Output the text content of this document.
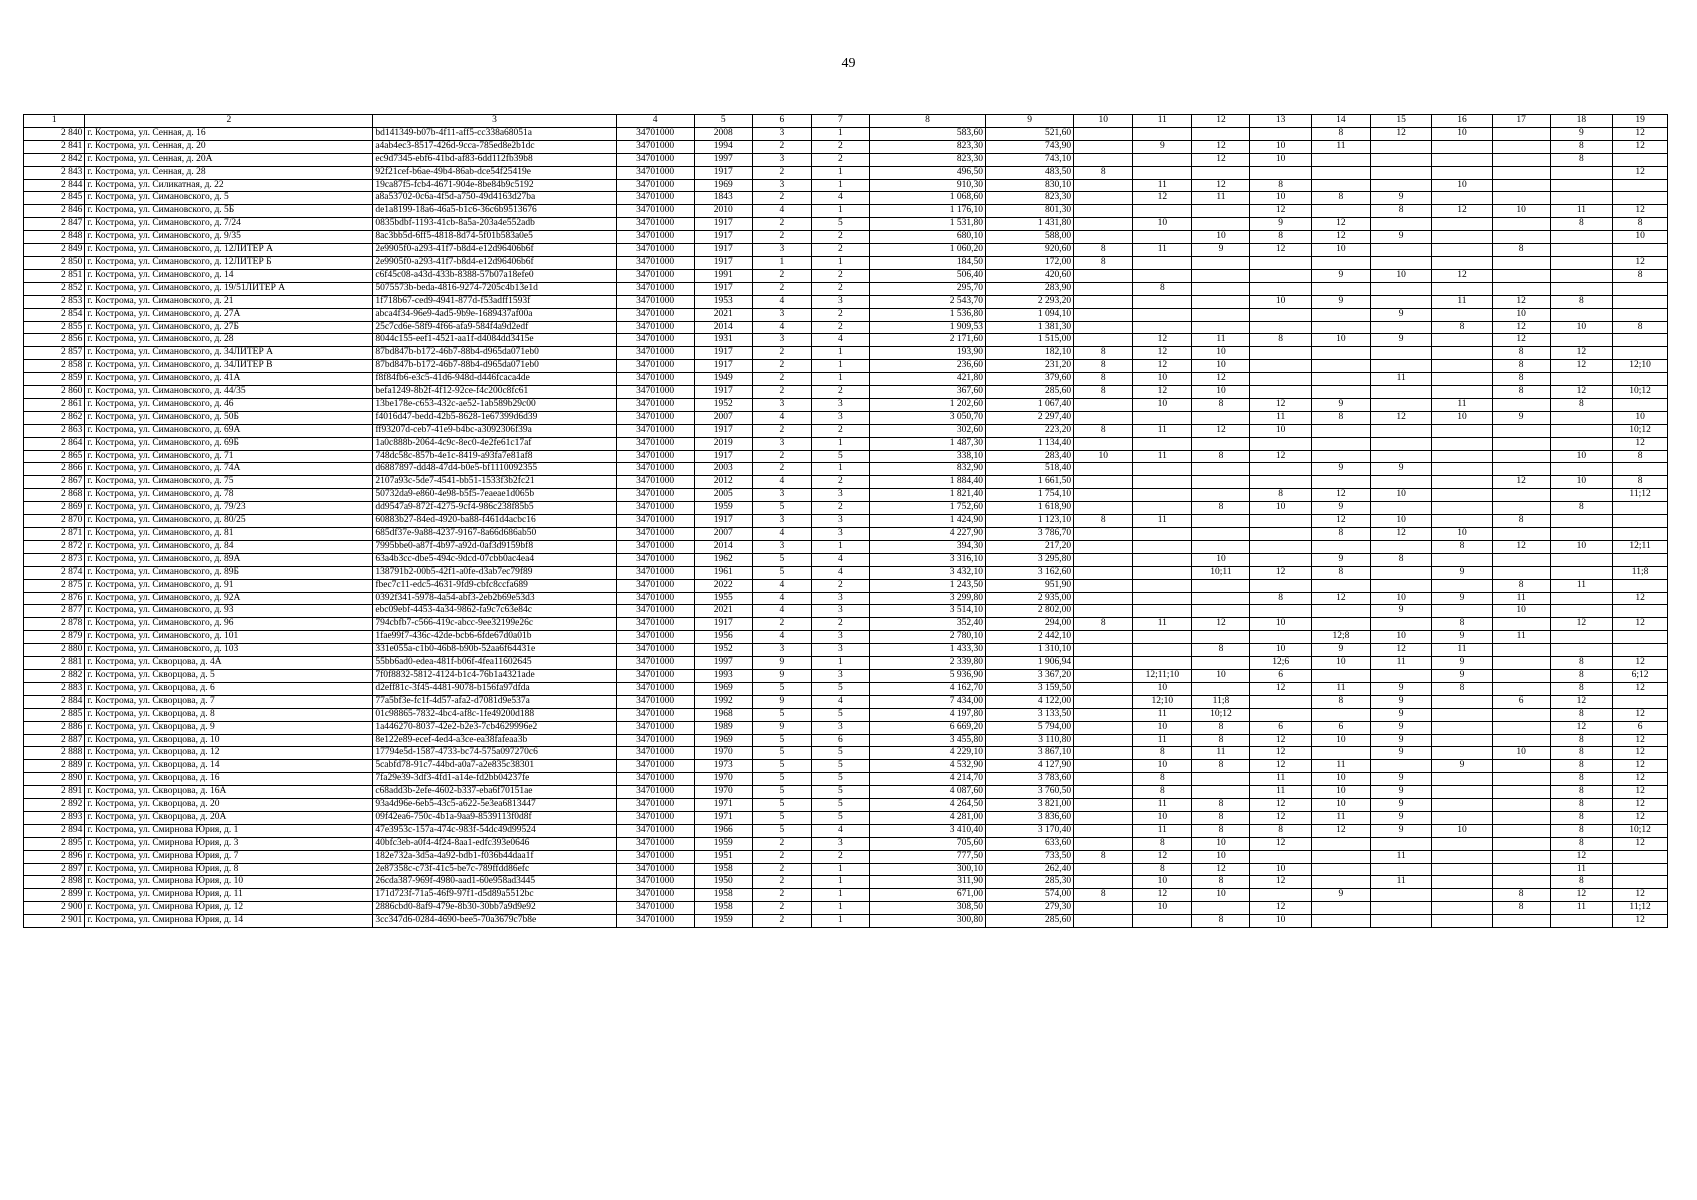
49
1	2	3	4	5	6	7	8	9	10	11	12	13	14	15	16	17	18	19
2 840	г. Кострома, ул. Сенная, д. 16	bd141349-b07b-4f11-aff5-cc338a68051a	34701000	2008	3	1	583,60	521,60					8	12	10		9	12
2 841	г. Кострома, ул. Сенная, д. 20	a4ab4ec3-8517-426d-9cca-785ed8e2b1dc	34701000	1994	2	2	823,30	743,90		9	12	10	11				8	12
2 842	г. Кострома, ул. Сенная, д. 20А	ec9d7345-ebf6-41bd-af83-6dd112fb39b8	34701000	1997	3	2	823,30	743,10			12	10					8	
2 843	г. Кострома, ул. Сенная, д. 28	92f21cef-b6ae-49b4-86ab-dce54f25419e	34701000	1917	2	1	496,50	483,50	8									12
2 844	г. Кострома, ул. Силикатная, д. 22	19ca87f5-fcb4-4671-904e-8be84b9c5192	34701000	1969	3	1	910,30	830,10		11	12	8			10			
2 845	г. Кострома, ул. Симановского, д. 5	a8a53702-0c6a-4f5d-a750-49d4163d27ba	34701000	1843	2	4	1 068,60	823,30		12	11	10	8	9				
2 846	г. Кострома, ул. Симановского, д. 5Б	de1a8199-18a6-46a5-b1c6-36c6b9513676	34701000	2010	4	1	1 176,10	801,30				12		8	12	10	11	12
2 847	г. Кострома, ул. Симановского, д. 7/24	0835bdbf-1193-41cb-8a5a-203a4e552adb	34701000	1917	2	5	1 531,80	1 431,80		10		9	12				8	8
2 848	г. Кострома, ул. Симановского, д. 9/35	8ac3bb5d-6ff5-4818-8d74-5f01b583a0e5	34701000	1917	2	2	680,10	588,00			10	8	12	9				10
2 849	г. Кострома, ул. Симановского, д. 12ЛИТЕР А	2e9905f0-a293-41f7-b8d4-e12d96406b6f	34701000	1917	3	2	1 060,20	920,60	8	11	9	12	10			8		
2 850	г. Кострома, ул. Симановского, д. 12ЛИТЕР Б	2e9905f0-a293-41f7-b8d4-e12d96406b6f	34701000	1917	1	1	184,50	172,00	8									12
2 851	г. Кострома, ул. Симановского, д. 14	c6f45c08-a43d-433b-8388-57b07a18efe0	34701000	1991	2	2	506,40	420,60					9	10	12			8
2 852	г. Кострома, ул. Симановского, д. 19/51ЛИТЕР А	5075573b-beda-4816-9274-7205c4b13e1d	34701000	1917	2	2	295,70	283,90		8								
2 853	г. Кострома, ул. Симановского, д. 21	1f718b67-ced9-4941-877d-f53adff1593f	34701000	1953	4	3	2 543,70	2 293,20				10	9		11	12	8	
2 854	г. Кострома, ул. Симановского, д. 27А	abca4f34-96e9-4ad5-9b9e-1689437af00a	34701000	2021	3	2	1 536,80	1 094,10						9		10		
2 855	г. Кострома, ул. Симановского, д. 27Б	25c7cd6e-58f9-4f66-afa9-584f4a9d2edf	34701000	2014	4	2	1 909,53	1 381,30							8	12	10	8
2 856	г. Кострома, ул. Симановского, д. 28	8044c155-eef1-4521-aa1f-d4084dd3415e	34701000	1931	3	4	2 171,60	1 515,00		12	11	8	10	9		12		
2 857	г. Кострома, ул. Симановского, д. 34ЛИТЕР А	87bd847b-b172-46b7-88b4-d965da071eb0	34701000	1917	2	1	193,90	182,10	8	12	10					8	12	
2 858	г. Кострома, ул. Симановского, д. 34ЛИТЕР В	87bd847b-b172-46b7-88b4-d965da071eb0	34701000	1917	2	1	236,60	231,20	8	12	10					8	12	12;10
2 859	г. Кострома, ул. Симановского, д. 41А	f8f84fb6-e3c5-41d6-948d-d446fcaca4de	34701000	1949	2	1	421,80	379,60	8	10	12			11		8		
2 860	г. Кострома, ул. Симановского, д. 44/35	befa1249-8b2f-4f12-92ce-f4c200c8fc61	34701000	1917	2	2	367,60	285,60	8	12	10					8	12	10;12
2 861	г. Кострома, ул. Симановского, д. 46	13be178e-c653-432c-ae52-1ab589b29c00	34701000	1952	3	3	1 202,60	1 067,40		10	8	12	9		11		8	
2 862	г. Кострома, ул. Симановского, д. 50Б	f4016d47-bedd-42b5-8628-1e67399d6d39	34701000	2007	4	3	3 050,70	2 297,40				11	8	12	10	9		10
2 863	г. Кострома, ул. Симановского, д. 69А	ff93207d-ceb7-41e9-b4bc-a3092306f39a	34701000	1917	2	2	302,60	223,20	8	11	12	10						10;12
2 864	г. Кострома, ул. Симановского, д. 69Б	1a0c888b-2064-4c9c-8ec0-4e2fe61c17af	34701000	2019	3	1	1 487,30	1 134,40										12
2 865	г. Кострома, ул. Симановского, д. 71	748dc58c-857b-4e1c-8419-a93fa7e81af8	34701000	1917	2	5	338,10	283,40	10	11	8	12					10	8
2 866	г. Кострома, ул. Симановского, д. 74А	d6887897-dd48-47d4-b0e5-bf1110092355	34701000	2003	2	1	832,90	518,40					9	9				
2 867	г. Кострома, ул. Симановского, д. 75	2107a93c-5de7-4541-bb51-1533f3b2fc21	34701000	2012	4	2	1 884,40	1 661,50								12	10	8
2 868	г. Кострома, ул. Симановского, д. 78	50732da9-e860-4e98-b5f5-7eaeae1d065b	34701000	2005	3	3	1 821,40	1 754,10				8	12	10				11;12
2 869	г. Кострома, ул. Симановского, д. 79/23	dd9547a9-872f-4275-9cf4-986c238f85b5	34701000	1959	5	2	1 752,60	1 618,90			8	10	9				8	
2 870	г. Кострома, ул. Симановского, д. 80/25	60883b27-84ed-4920-ba88-f461d4acbc16	34701000	1917	3	3	1 424,90	1 123,10	8	11			12	10		8		
2 871	г. Кострома, ул. Симановского, д. 81	685df37e-9a88-4237-9167-8a66d686ab50	34701000	2007	4	3	4 227,90	3 786,70					8	12	10			
2 872	г. Кострома, ул. Симановского, д. 84	7995bbe0-a87f-4b97-a92d-0af3d9159bf8	34701000	2014	3	1	394,30	217,20							8	12	10	12;11
2 873	г. Кострома, ул. Симановского, д. 89А	63a4b3cc-dbe5-494c-9dcd-07cbb0ac4ea4	34701000	1962	5	4	3 316,10	3 295,80			10		9	8				
2 874	г. Кострома, ул. Симановского, д. 89Б	138791b2-00b5-42f1-a0fe-d3ab7ec79f89	34701000	1961	5	4	3 432,10	3 162,60			10;11	12	8		9			11;8
2 875	г. Кострома, ул. Симановского, д. 91	fbec7c11-edc5-4631-9fd9-cbfc8ccfa689	34701000	2022	4	2	1 243,50	951,90								8	11	
2 876	г. Кострома, ул. Симановского, д. 92А	0392f341-5978-4a54-abf3-2eb2b69e53d3	34701000	1955	4	3	3 299,80	2 935,00				8	12	10	9	11		12
2 877	г. Кострома, ул. Симановского, д. 93	ebc09ebf-4453-4a34-9862-fa9c7c63e84c	34701000	2021	4	3	3 514,10	2 802,00						9		10		
2 878	г. Кострома, ул. Симановского, д. 96	794cbfb7-c566-419c-abcc-9ee32199e26c	34701000	1917	2	2	352,40	294,00	8	11	12	10			8		12	12
2 879	г. Кострома, ул. Симановского, д. 101	1fae99f7-436c-42de-bcb6-6fde67d0a01b	34701000	1956	4	3	2 780,10	2 442,10					12;8	10	9	11		
2 880	г. Кострома, ул. Симановского, д. 103	331e055a-c1b0-46b8-b90b-52aa6f64431e	34701000	1952	3	3	1 433,30	1 310,10			8	10	9	12	11			
2 881	г. Кострома, ул. Скворцова, д. 4А	55bb6ad0-edea-481f-b06f-4fea11602645	34701000	1997	9	1	2 339,80	1 906,94				12;6	10	11	9		8	12
2 882	г. Кострома, ул. Скворцова, д. 5	7f0f8832-5812-4124-b1c4-76b1a4321ade	34701000	1993	9	3	5 936,90	3 367,20		12;11;10	10	6			9		8	6;12
2 883	г. Кострома, ул. Скворцова, д. 6	d2eff81c-3f45-4481-9078-b156fa97dfda	34701000	1969	5	5	4 162,70	3 159,50		10		12	11	9	8		8	12
2 884	г. Кострома, ул. Скворцова, д. 7	77a5bf3e-fc1f-4d57-afa2-d7081d9e537a	34701000	1992	9	4	7 434,00	4 122,00		12;10	11;8		8	9		6	12	
2 885	г. Кострома, ул. Скворцова, д. 8	01c98865-7832-4bc4-af8c-1fe49200d188	34701000	1968	5	5	4 197,80	3 133,50		11	10;12			9			8	12
2 886	г. Кострома, ул. Скворцова, д. 9	1a446270-8037-42e2-b2e3-7cb4629996e2	34701000	1989	9	3	6 669,20	5 794,00		10	8	6	6	9			12	6
2 887	г. Кострома, ул. Скворцова, д. 10	8e122e89-ecef-4ed4-a3ce-ea38fafeaa3b	34701000	1969	5	6	3 455,80	3 110,80		11	8	12	10	9			8	12
2 888	г. Кострома, ул. Скворцова, д. 12	17794e5d-1587-4733-bc74-575a097270c6	34701000	1970	5	5	4 229,10	3 867,10		8	11	12		9		10	8	12
2 889	г. Кострома, ул. Скворцова, д. 14	5cabfd78-91c7-44bd-a0a7-a2e835c38301	34701000	1973	5	5	4 532,90	4 127,90		10	8	12	11		9		8	12
2 890	г. Кострома, ул. Скворцова, д. 16	7fa29e39-3df3-4fd1-a14e-fd2bb04237fe	34701000	1970	5	5	4 214,70	3 783,60		8		11	10	9			8	12
2 891	г. Кострома, ул. Скворцова, д. 16А	c68add3b-2efe-4602-b337-eba6f70151ae	34701000	1970	5	5	4 087,60	3 760,50		8		11	10	9			8	12
2 892	г. Кострома, ул. Скворцова, д. 20	93a4d96e-6eb5-43c5-a622-5e3ea6813447	34701000	1971	5	5	4 264,50	3 821,00		11	8	12	10	9			8	12
2 893	г. Кострома, ул. Скворцова, д. 20А	09f42ea6-750c-4b1a-9aa9-8539113f0d8f	34701000	1971	5	5	4 281,00	3 836,60		10	8	12	11	9			8	12
2 894	г. Кострома, ул. Смирнова Юрия, д. 1	47e3953c-157a-474c-983f-54dc49d99524	34701000	1966	5	4	3 410,40	3 170,40		11	8	8	12	9	10		8	10;12
2 895	г. Кострома, ул. Смирнова Юрия, д. 3	40bfc3eb-a0f4-4f24-8aa1-edfc393e0646	34701000	1959	2	3	705,60	633,60		8	10	12					8	12
2 896	г. Кострома, ул. Смирнова Юрия, д. 7	182e732a-3d5a-4a92-bdb1-f036b44daa1f	34701000	1951	2	2	777,50	733,50	8	12	10			11			12	
2 897	г. Кострома, ул. Смирнова Юрия, д. 8	2e87358c-c73f-41c5-be7c-789ffdd86efc	34701000	1958	2	1	300,10	262,40		8	12	10					11	
2 898	г. Кострома, ул. Смирнова Юрия, д. 10	26cda387-969f-4980-aad1-60e958ad3445	34701000	1950	2	1	311,90	285,30		10	8	12		11			8	
2 899	г. Кострома, ул. Смирнова Юрия, д. 11	171d723f-71a5-46f9-97f1-d5d89a5512bc	34701000	1958	2	1	671,00	574,00	8	12	10		9			8	12	12
2 900	г. Кострома, ул. Смирнова Юрия, д. 12	2886cbd0-8af9-479e-8b30-30bb7a9d9e92	34701000	1958	2	1	308,50	279,30		10		12				8	11	11;12
2 901	г. Кострома, ул. Смирнова Юрия, д. 14	3cc347d6-0284-4690-bee5-70a3679c7b8e	34701000	1959	2	1	300,80	285,60			8	10						12
